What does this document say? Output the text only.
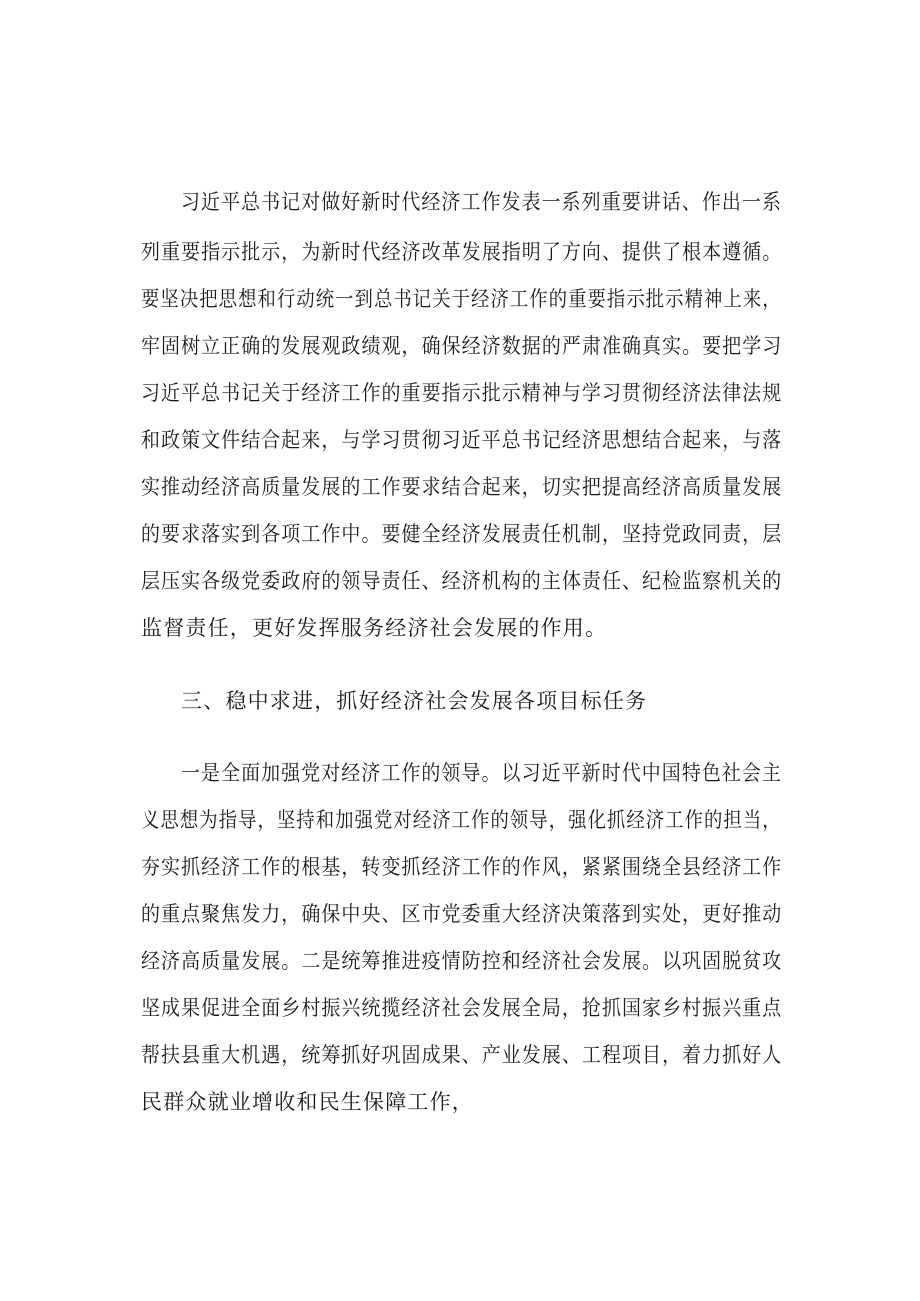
习近平总书记对做好新时代经济工作发表一系列重要讲话、作出一系
列重要指示批示，为新时代经济改革发展指明了方向、提供了根本遵循。
要坚决把思想和行动统一到总书记关于经济工作的重要指示批示精神上来，
牢固树立正确的发展观政绩观，确保经济数据的严肃准确真实。要把学习
习近平总书记关于经济工作的重要指示批示精神与学习贯彻经济法律法规
和政策文件结合起来，与学习贯彻习近平总书记经济思想结合起来，与落
实推动经济高质量发展的工作要求结合起来，切实把提高经济高质量发展
的要求落实到各项工作中。要健全经济发展责任机制，坚持党政同责，层
层压实各级党委政府的领导责任、经济机构的主体责任、纪检监察机关的
监督责任，更好发挥服务经济社会发展的作用。
三、稳中求进，抓好经济社会发展各项目标任务
一是全面加强党对经济工作的领导。以习近平新时代中国特色社会主
义思想为指导，坚持和加强党对经济工作的领导，强化抓经济工作的担当，
夯实抓经济工作的根基，转变抓经济工作的作风，紧紧围绕全县经济工作
的重点聚焦发力，确保中央、区市党委重大经济决策落到实处，更好推动
经济高质量发展。二是统筹推进疫情防控和经济社会发展。以巩固脱贫攻
坚成果促进全面乡村振兴统揽经济社会发展全局，抢抓国家乡村振兴重点
帮扶县重大机遇，统筹抓好巩固成果、产业发展、工程项目，着力抓好人
民群众就业增收和民生保障工作，
